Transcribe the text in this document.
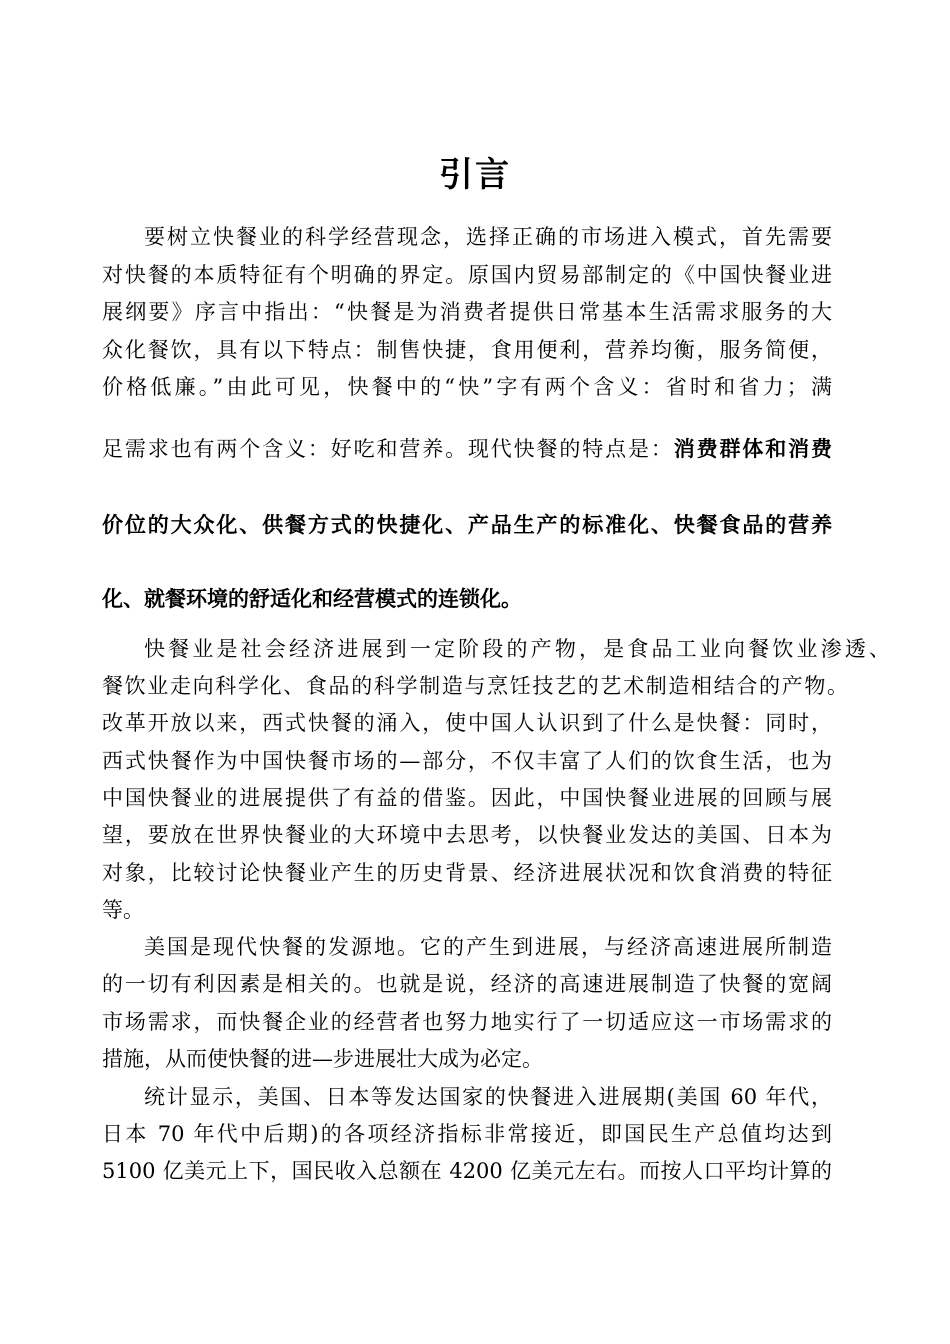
引言
要树立快餐业的科学经营现念，选择正确的市场进入模式，首先需要
对快餐的本质特征有个明确的界定。原国内贸易部制定的《中国快餐业进
展纲要》序言中指出：“快餐是为消费者提供日常基本生活需求服务的大
众化餐饮，具有以下特点：制售快捷，食用便利，营养均衡，服务简便，
价格低廉。”由此可见，快餐中的“快”字有两个含义：省时和省力；满
足需求也有两个含义：好吃和营养。现代快餐的特点是：消费群体和消费
价位的大众化、供餐方式的快捷化、产品生产的标准化、快餐食品的营养
化、就餐环境的舒适化和经营模式的连锁化。
快餐业是社会经济进展到一定阶段的产物，是食品工业向餐饮业渗透、
餐饮业走向科学化、食品的科学制造与烹饪技艺的艺术制造相结合的产物。
改革开放以来，西式快餐的涌入，使中国人认识到了什么是快餐：同时，
西式快餐作为中国快餐市场的—部分，不仅丰富了人们的饮食生活，也为
中国快餐业的进展提供了有益的借鉴。因此，中国快餐业进展的回顾与展
望，要放在世界快餐业的大环境中去思考，以快餐业发达的美国、日本为
对象，比较讨论快餐业产生的历史背景、经济进展状况和饮食消费的特征
等。
美国是现代快餐的发源地。它的产生到进展，与经济高速进展所制造
的一切有利因素是相关的。也就是说，经济的高速进展制造了快餐的宽阔
市场需求，而快餐企业的经营者也努力地实行了一切适应这一市场需求的
措施，从而使快餐的进—步进展壮大成为必定。
统计显示，美国、日本等发达国家的快餐进入进展期(美国 60 年代，
日本 70 年代中后期)的各项经济指标非常接近，即国民生产总值均达到
5100 亿美元上下，国民收入总额在 4200 亿美元左右。而按人口平均计算的
